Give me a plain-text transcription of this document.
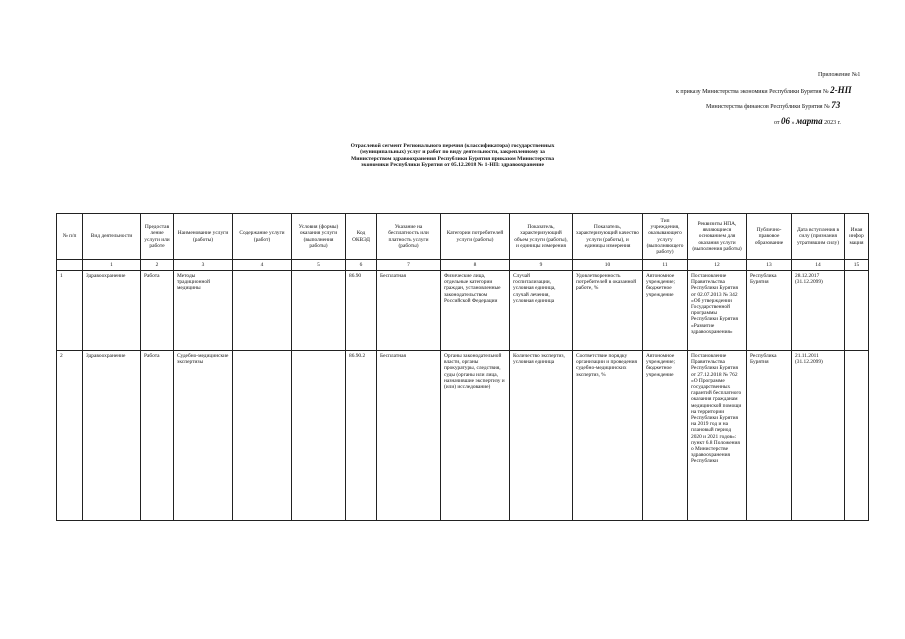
Приложение №1
к приказу Министерства экономики Республики Бурятия № 2-НП
Министерства финансов Республики Бурятия № 73
от 06 » марта 2023 г.
Отраслевой сегмент Регионального перечня (классификатора) государственных (муниципальных) услуг и работ по виду деятельности, закрепленному за Министерством здравоохранения Республики Бурятия приказом Министерства экономики Республики Бурятия от 05.12.2018 № 1-НП: здравоохранение
№ п/п	Вид деятельности	Предоставление услуги или работе	Наименование услуги (работы)	Содержание услуги (работ)	Условия (формы) оказания услуги (выполнения работы)	Код ОКВЭД	Указание на бесплатность или платность услуги (работы)	Категории потребителей услуги (работы)	Показатель, характеризующий объем услуги (работы), и единицы измерения	Показатель, характеризующий качество услуги (работы), и единицы измерения	Тип учреждения, оказывающего услугу (выполняющего работу)	Реквизиты НПА, являющиеся основанием для оказания услуги (выполнения работы)	Публично-правовое образование	Дата вступления в силу (признания утратившим силу)	Иная информация
	1	2	3	4	5	6	7	8	9	10	11	12	13	14	15
1	Здравоохранение	Работа	Методы традиционной медицины			86.90	Бесплатная	Физические лица, отдельные категории граждан, установленные законодательством Российской Федерации	Случай госпитализации, условная единица, случай лечения, условная единица	Удовлетворенность потребителей в оказанной работе, %	Автономное учреждение; бюджетное учреждение	Постановление Правительства Республики Бурятия от 02.07.2013 № 342 «Об утверждении Государственной программы Республики Бурятия «Развитие здравоохранения»	Республика Бурятия	28.12.2017 (31.12.2099)	
2	Здравоохранение	Работа	Судебно-медицинские экспертизы			86.90.2	Бесплатная	Органы законодательной власти, органы прокуратуры, следствия, суды (органы или лица, назначившие экспертизу и (или) исследование)	Количество экспертиз, условная единица	Соответствие порядку организации и проведения судебно-медицинских экспертиз, %	Автономное учреждение; бюджетное учреждение	Постановление Правительства Республики Бурятия от 27.12.2018 № 762 «О Программе государственных гарантий бесплатного оказания гражданам медицинской помощи на территории Республики Бурятия на 2019 год и на плановый период 2020 и 2021 годов»: пункт 6.8 Положения о Министерстве здравоохранения Республики	Республика Бурятия	21.11.2011 (31.12.2099)	
